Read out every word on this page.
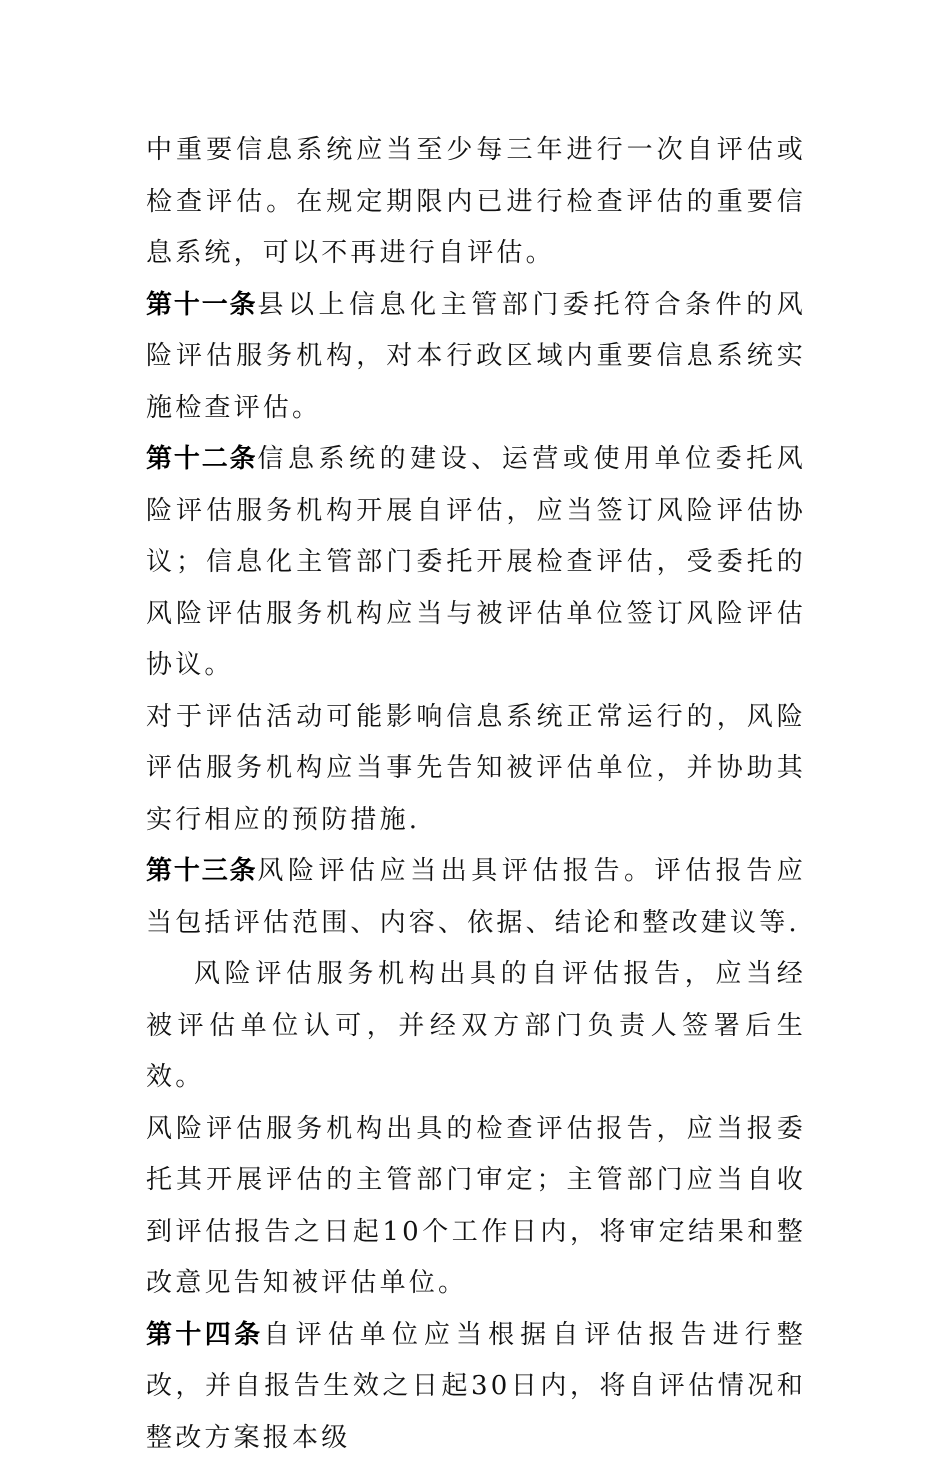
中重要信息系统应当至少每三年进行一次自评估或检查评估。在规定期限内已进行检查评估的重要信息系统，可以不再进行自评估。

第十一条县以上信息化主管部门委托符合条件的风险评估服务机构，对本行政区域内重要信息系统实施检查评估。

第十二条信息系统的建设、运营或使用单位委托风险评估服务机构开展自评估，应当签订风险评估协议；信息化主管部门委托开展检查评估，受委托的风险评估服务机构应当与被评估单位签订风险评估协议。

对于评估活动可能影响信息系统正常运行的，风险评估服务机构应当事先告知被评估单位，并协助其实行相应的预防措施.

第十三条风险评估应当出具评估报告。评估报告应当包括评估范围、内容、依据、结论和整改建议等.

风险评估服务机构出具的自评估报告，应当经被评估单位认可，并经双方部门负责人签署后生效。

风险评估服务机构出具的检查评估报告，应当报委托其开展评估的主管部门审定；主管部门应当自收到评估报告之日起10个工作日内，将审定结果和整改意见告知被评估单位。

第十四条自评估单位应当根据自评估报告进行整改，并自报告生效之日起30日内，将自评估情况和整改方案报本级
